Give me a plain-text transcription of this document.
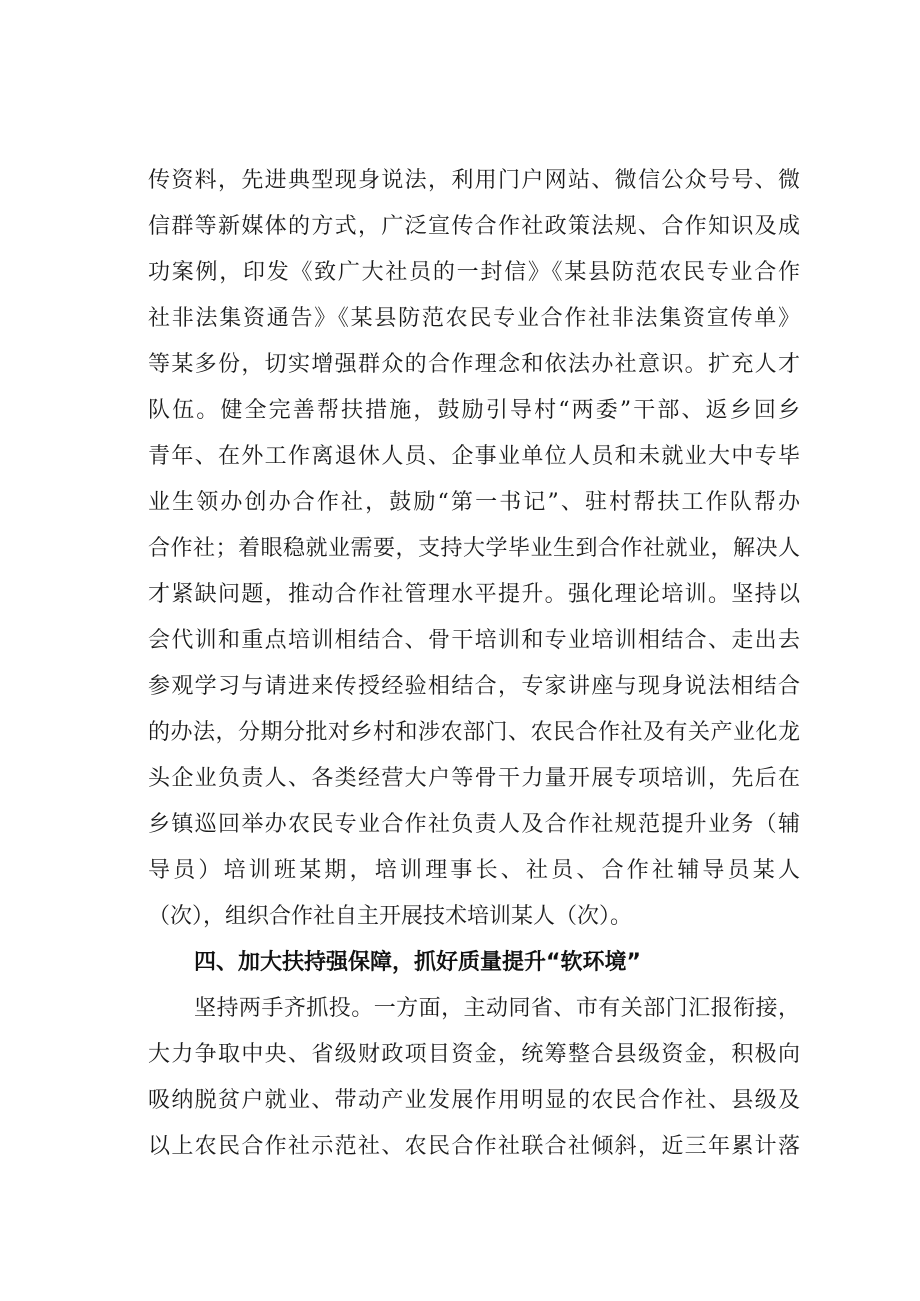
传资料，先进典型现身说法，利用门户网站、微信公众号号、微
信群等新媒体的方式，广泛宣传合作社政策法规、合作知识及成
功案例，印发《致广大社员的一封信》《某县防范农民专业合作
社非法集资通告》《某县防范农民专业合作社非法集资宣传单》
等某多份，切实增强群众的合作理念和依法办社意识。扩充人才
队伍。健全完善帮扶措施，鼓励引导村“两委”干部、返乡回乡
青年、在外工作离退休人员、企事业单位人员和未就业大中专毕
业生领办创办合作社，鼓励“第一书记”、驻村帮扶工作队帮办
合作社；着眼稳就业需要，支持大学毕业生到合作社就业，解决人
才紧缺问题，推动合作社管理水平提升。强化理论培训。坚持以
会代训和重点培训相结合、骨干培训和专业培训相结合、走出去
参观学习与请进来传授经验相结合，专家讲座与现身说法相结合
的办法，分期分批对乡村和涉农部门、农民合作社及有关产业化龙
头企业负责人、各类经营大户等骨干力量开展专项培训，先后在
乡镇巡回举办农民专业合作社负责人及合作社规范提升业务（辅
导员）培训班某期，培训理事长、社员、合作社辅导员某人
（次），组织合作社自主开展技术培训某人（次）。
四、加大扶持强保障，抓好质量提升“软环境”
坚持两手齐抓投。一方面，主动同省、市有关部门汇报衔接，
大力争取中央、省级财政项目资金，统筹整合县级资金，积极向
吸纳脱贫户就业、带动产业发展作用明显的农民合作社、县级及
以上农民合作社示范社、农民合作社联合社倾斜，近三年累计落
